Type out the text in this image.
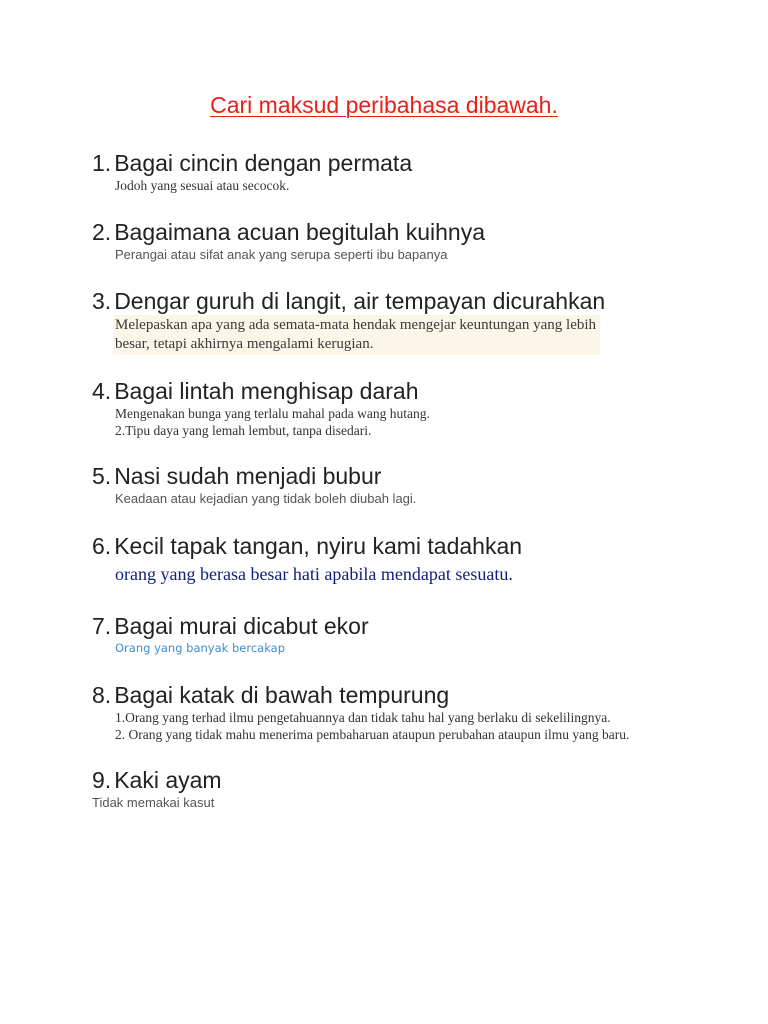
Cari maksud peribahasa dibawah.
1. Bagai cincin dengan permata
Jodoh yang sesuai atau secocok.
2. Bagaimana acuan begitulah kuihnya
Perangai atau sifat anak yang serupa seperti ibu bapanya
3. Dengar guruh di langit, air tempayan dicurahkan
Melepaskan apa yang ada semata-mata hendak mengejar keuntungan yang lebih
besar, tetapi akhirnya mengalami kerugian.
4. Bagai lintah menghisap darah
Mengenakan bunga yang terlalu mahal pada wang hutang.
2.Tipu daya yang lemah lembut, tanpa disedari.
5. Nasi sudah menjadi bubur
Keadaan atau kejadian yang tidak boleh diubah lagi.
6. Kecil tapak tangan, nyiru kami tadahkan
orang yang berasa besar hati apabila mendapat sesuatu.
7. Bagai murai dicabut ekor
Orang yang banyak bercakap
8. Bagai katak di bawah tempurung
1.Orang yang terhad ilmu pengetahuannya dan tidak tahu hal yang berlaku di sekelilingnya.
2. Orang yang tidak mahu menerima pembaharuan ataupun perubahan ataupun ilmu yang baru.
9. Kaki ayam
Tidak memakai kasut
